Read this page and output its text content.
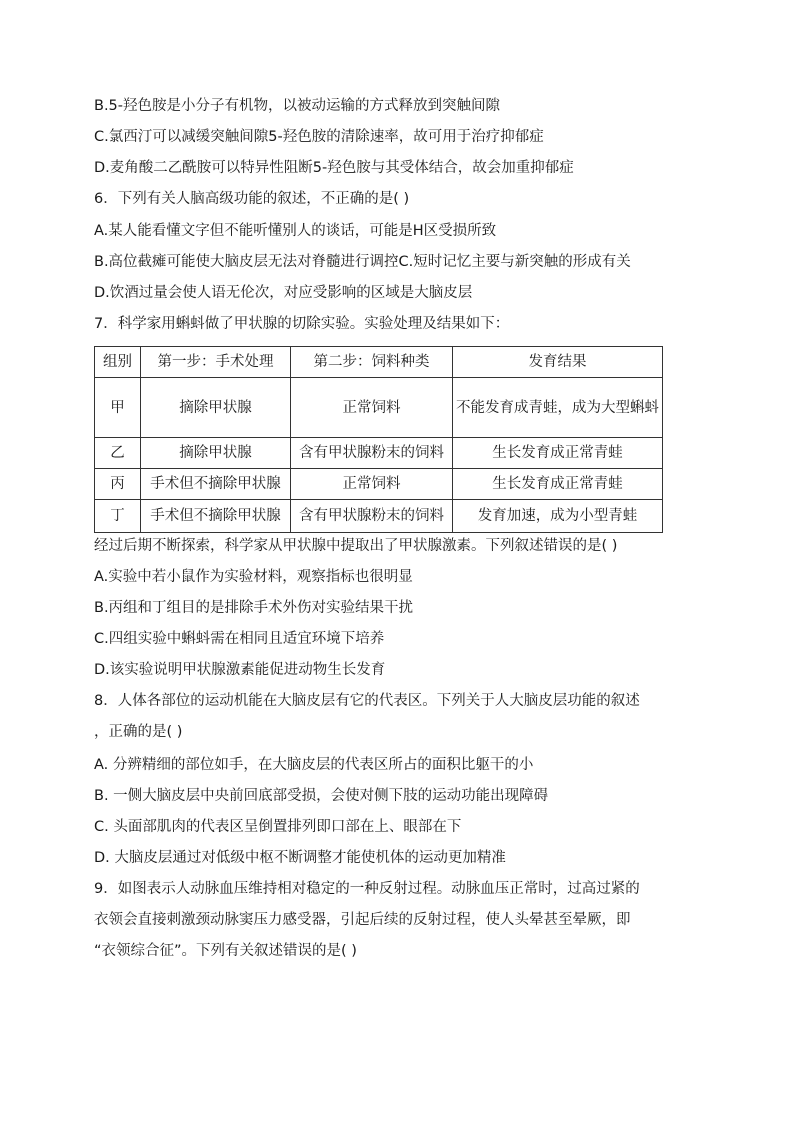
B.5-羟色胺是小分子有机物，以被动运输的方式释放到突触间隙
C.氯西汀可以减缓突触间隙5-羟色胺的清除速率，故可用于治疗抑郁症
D.麦角酸二乙酰胺可以特异性阻断5-羟色胺与其受体结合，故会加重抑郁症
6．下列有关人脑高级功能的叙述，不正确的是( )
A.某人能看懂文字但不能听懂别人的谈话，可能是H区受损所致
B.高位截瘫可能使大脑皮层无法对脊髓进行调控C.短时记忆主要与新突触的形成有关
D.饮酒过量会使人语无伦次，对应受影响的区域是大脑皮层
7．科学家用蝌蚪做了甲状腺的切除实验。实验处理及结果如下：
组别	第一步：手术处理	第二步：饲料种类	发育结果
甲	摘除甲状腺	正常饲料	不能发育成青蛙，成为大型蝌蚪
乙	摘除甲状腺	含有甲状腺粉末的饲料	生长发育成正常青蛙
丙	手术但不摘除甲状腺	正常饲料	生长发育成正常青蛙
丁	手术但不摘除甲状腺	含有甲状腺粉末的饲料	发育加速，成为小型青蛙
经过后期不断探索，科学家从甲状腺中提取出了甲状腺激素。下列叙述错误的是( )
A.实验中若小鼠作为实验材料，观察指标也很明显
B.丙组和丁组目的是排除手术外伤对实验结果干扰
C.四组实验中蝌蚪需在相同且适宜环境下培养
D.该实验说明甲状腺激素能促进动物生长发育
8．人体各部位的运动机能在大脑皮层有它的代表区。下列关于人大脑皮层功能的叙述
，正确的是( )
A. 分辨精细的部位如手，在大脑皮层的代表区所占的面积比躯干的小
B. 一侧大脑皮层中央前回底部受损，会使对侧下肢的运动功能出现障碍
C. 头面部肌肉的代表区呈倒置排列即口部在上、眼部在下
D. 大脑皮层通过对低级中枢不断调整才能使机体的运动更加精准
9．如图表示人动脉血压维持相对稳定的一种反射过程。动脉血压正常时，过高过紧的
衣领会直接刺激颈动脉窦压力感受器，引起后续的反射过程，使人头晕甚至晕厥，即
“衣领综合征”。下列有关叙述错误的是( )
